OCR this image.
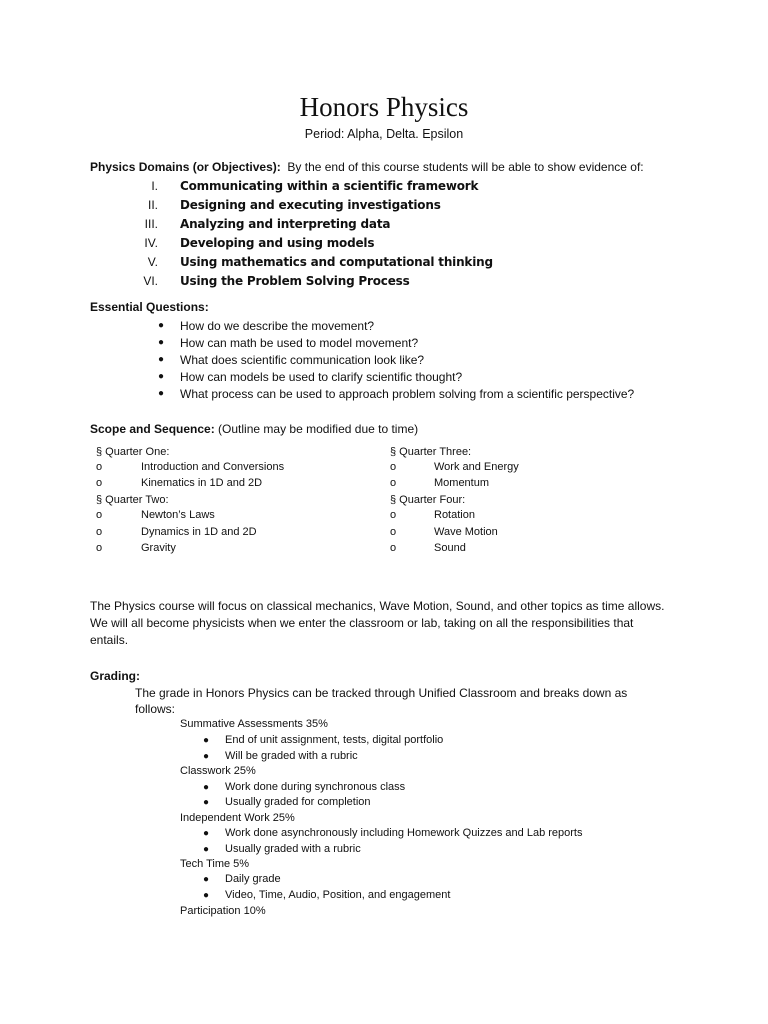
Honors Physics
Period: Alpha, Delta. Epsilon
Physics Domains (or Objectives): By the end of this course students will be able to show evidence of:
I. Communicating within a scientific framework
II. Designing and executing investigations
III. Analyzing and interpreting data
IV. Developing and using models
V. Using mathematics and computational thinking
VI. Using the Problem Solving Process
Essential Questions:
● How do we describe the movement?
● How can math be used to model movement?
● What does scientific communication look like?
● How can models be used to clarify scientific thought?
● What process can be used to approach problem solving from a scientific perspective?
Scope and Sequence: (Outline may be modified due to time)
§ Quarter One:
o	Introduction and Conversions
o	Kinematics in 1D and 2D
§ Quarter Two:
o	Newton’s Laws
o	Dynamics in 1D and 2D
o	Gravity
§ Quarter Three:
o	Work and Energy
o	Momentum
§ Quarter Four:
o	Rotation
o	Wave Motion
o	Sound
The Physics course will focus on classical mechanics, Wave Motion, Sound, and other topics as time allows. We will all become physicists when we enter the classroom or lab, taking on all the responsibilities that entails.
Grading:
The grade in Honors Physics can be tracked through Unified Classroom and breaks down as
follows:
Summative Assessments 35%
● End of unit assignment, tests, digital portfolio
● Will be graded with a rubric
Classwork 25%
● Work done during synchronous class
● Usually graded for completion
Independent Work 25%
● Work done asynchronously including Homework Quizzes and Lab reports
● Usually graded with a rubric
Tech Time 5%
● Daily grade
● Video, Time, Audio, Position, and engagement
Participation 10%
